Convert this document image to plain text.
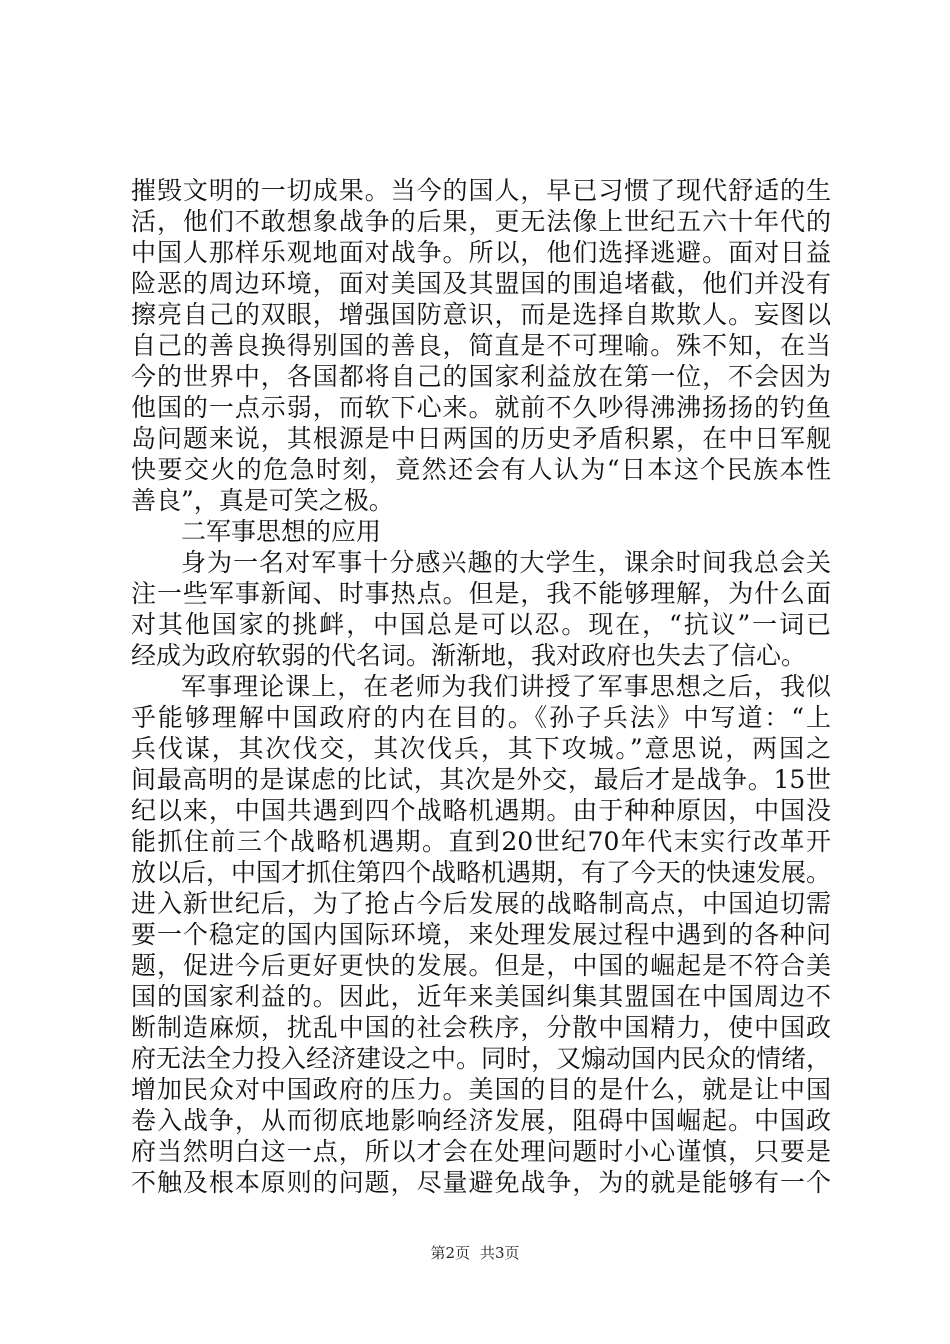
摧毁文明的一切成果。当今的国人，早已习惯了现代舒适的生
活，他们不敢想象战争的后果，更无法像上世纪五六十年代的
中国人那样乐观地面对战争。所以，他们选择逃避。面对日益
险恶的周边环境，面对美国及其盟国的围追堵截，他们并没有
擦亮自己的双眼，增强国防意识，而是选择自欺欺人。妄图以
自己的善良换得别国的善良，简直是不可理喻。殊不知，在当
今的世界中，各国都将自己的国家利益放在第一位，不会因为
他国的一点示弱，而软下心来。就前不久吵得沸沸扬扬的钓鱼
岛问题来说，其根源是中日两国的历史矛盾积累，在中日军舰
快要交火的危急时刻，竟然还会有人认为“日本这个民族本性
善良”，真是可笑之极。
二军事思想的应用
身为一名对军事十分感兴趣的大学生，课余时间我总会关
注一些军事新闻、时事热点。但是，我不能够理解，为什么面
对其他国家的挑衅，中国总是可以忍。现在，“抗议”一词已
经成为政府软弱的代名词。渐渐地，我对政府也失去了信心。
军事理论课上，在老师为我们讲授了军事思想之后，我似
乎能够理解中国政府的内在目的。《孙子兵法》中写道：“上
兵伐谋，其次伐交，其次伐兵，其下攻城。”意思说，两国之
间最高明的是谋虑的比试，其次是外交，最后才是战争。15世
纪以来，中国共遇到四个战略机遇期。由于种种原因，中国没
能抓住前三个战略机遇期。直到20世纪70年代末实行改革开
放以后，中国才抓住第四个战略机遇期，有了今天的快速发展。
进入新世纪后，为了抢占今后发展的战略制高点，中国迫切需
要一个稳定的国内国际环境，来处理发展过程中遇到的各种问
题，促进今后更好更快的发展。但是，中国的崛起是不符合美
国的国家利益的。因此，近年来美国纠集其盟国在中国周边不
断制造麻烦，扰乱中国的社会秩序，分散中国精力，使中国政
府无法全力投入经济建设之中。同时，又煽动国内民众的情绪，
增加民众对中国政府的压力。美国的目的是什么，就是让中国
卷入战争，从而彻底地影响经济发展，阻碍中国崛起。中国政
府当然明白这一点，所以才会在处理问题时小心谨慎，只要是
不触及根本原则的问题，尽量避免战争，为的就是能够有一个
第2页 共3页
